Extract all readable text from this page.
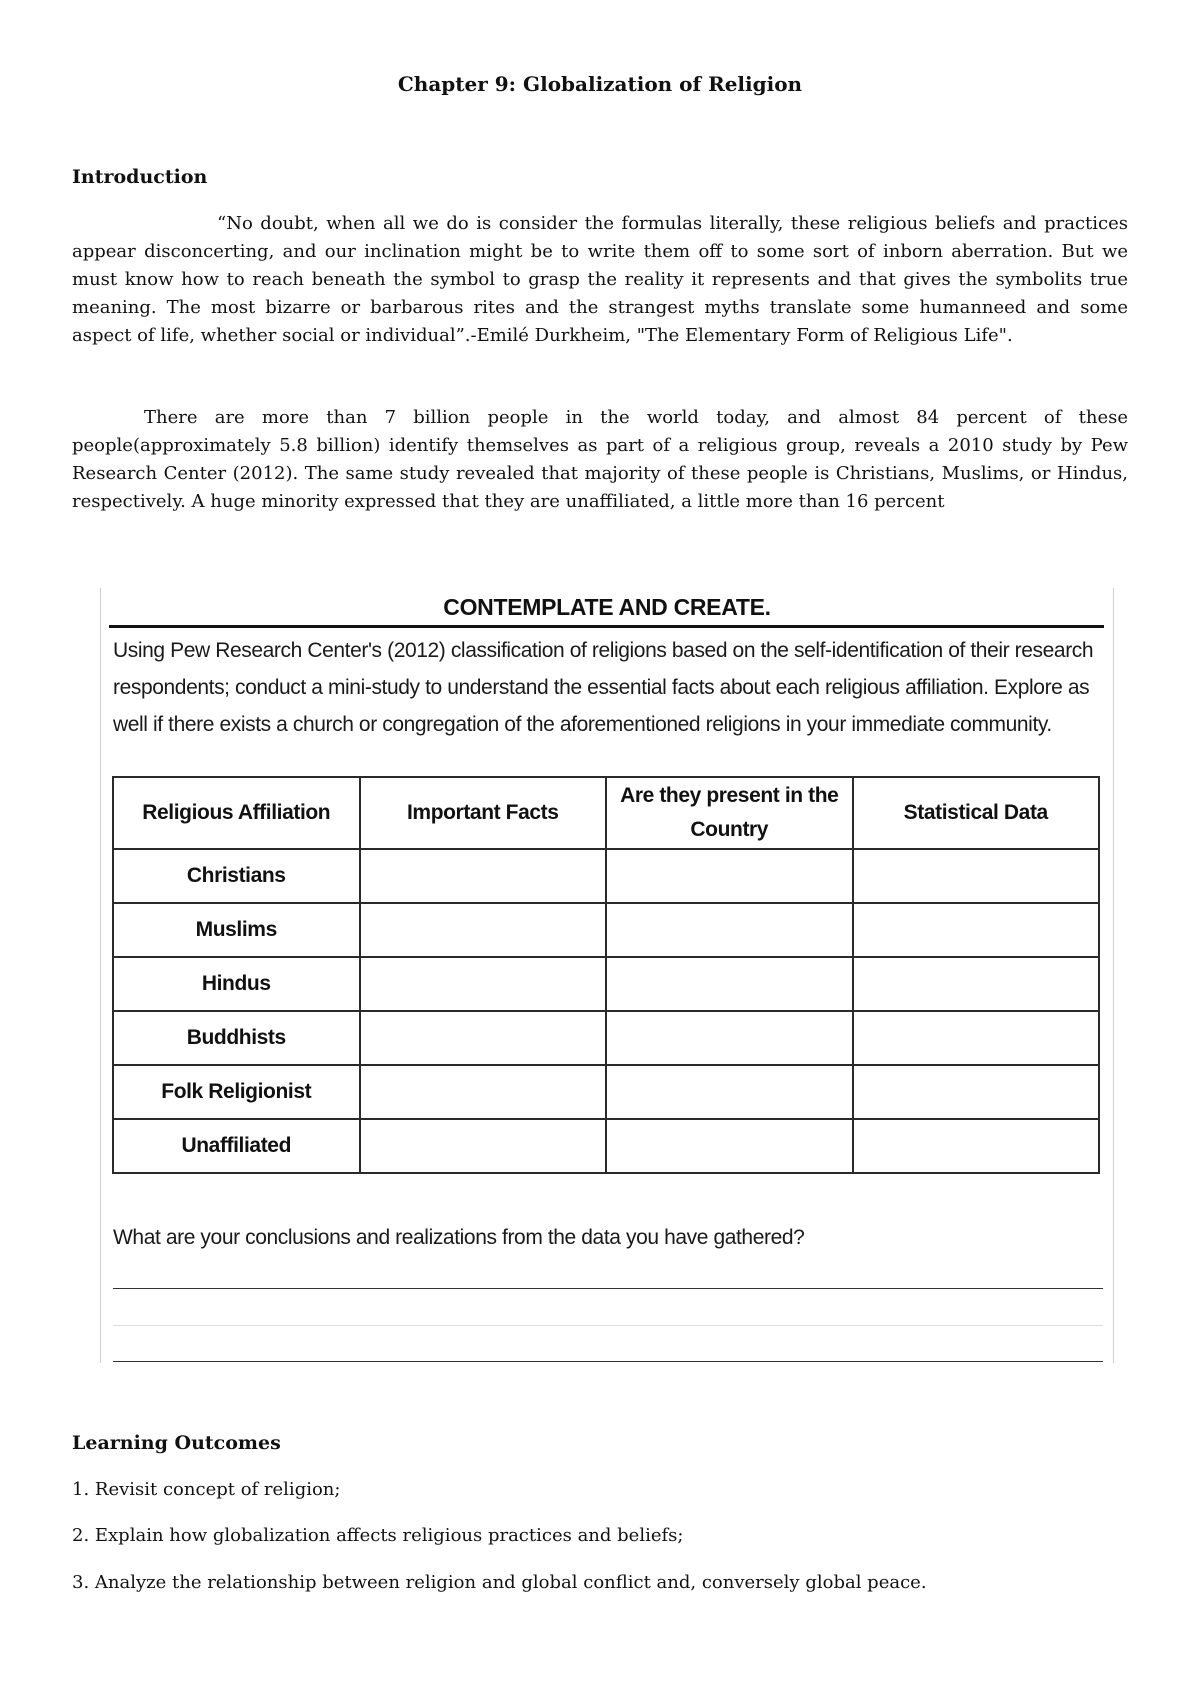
Chapter 9: Globalization of Religion
Introduction

“No doubt, when all we do is consider the formulas literally, these religious beliefs and practices appear disconcerting, and our inclination might be to write them off to some sort of inborn aberration. But we must know how to reach beneath the symbol to grasp the reality it represents and that gives the symbolits true meaning. The most bizarre or barbarous rites and the strangest myths translate some humanneed and some aspect of life, whether social or individual”.-Emilé Durkheim, "The Elementary Form of Religious Life".

There are more than 7 billion people in the world today, and almost 84 percent of these people(approximately 5.8 billion) identify themselves as part of a religious group, reveals a 2010 study by Pew Research Center (2012). The same study revealed that majority of these people is Christians, Muslims, or Hindus, respectively. A huge minority expressed that they are unaffiliated, a little more than 16 percent

CONTEMPLATE AND CREATE.

Using Pew Research Center's (2012) classification of religions based on the self-identification of their research respondents; conduct a mini-study to understand the essential facts about each religious affiliation. Explore as well if there exists a church or congregation of the aforementioned religions in your immediate community.

Religious Affiliation	Important Facts	Are they present in the Country	Statistical Data
Christians			
Muslims			
Hindus			
Buddhists			
Folk Religionist			
Unaffiliated			
What are your conclusions and realizations from the data you have gathered?
Learning Outcomes
1. Revisit concept of religion;
2. Explain how globalization affects religious practices and beliefs;
3. Analyze the relationship between religion and global conflict and, conversely global peace.
